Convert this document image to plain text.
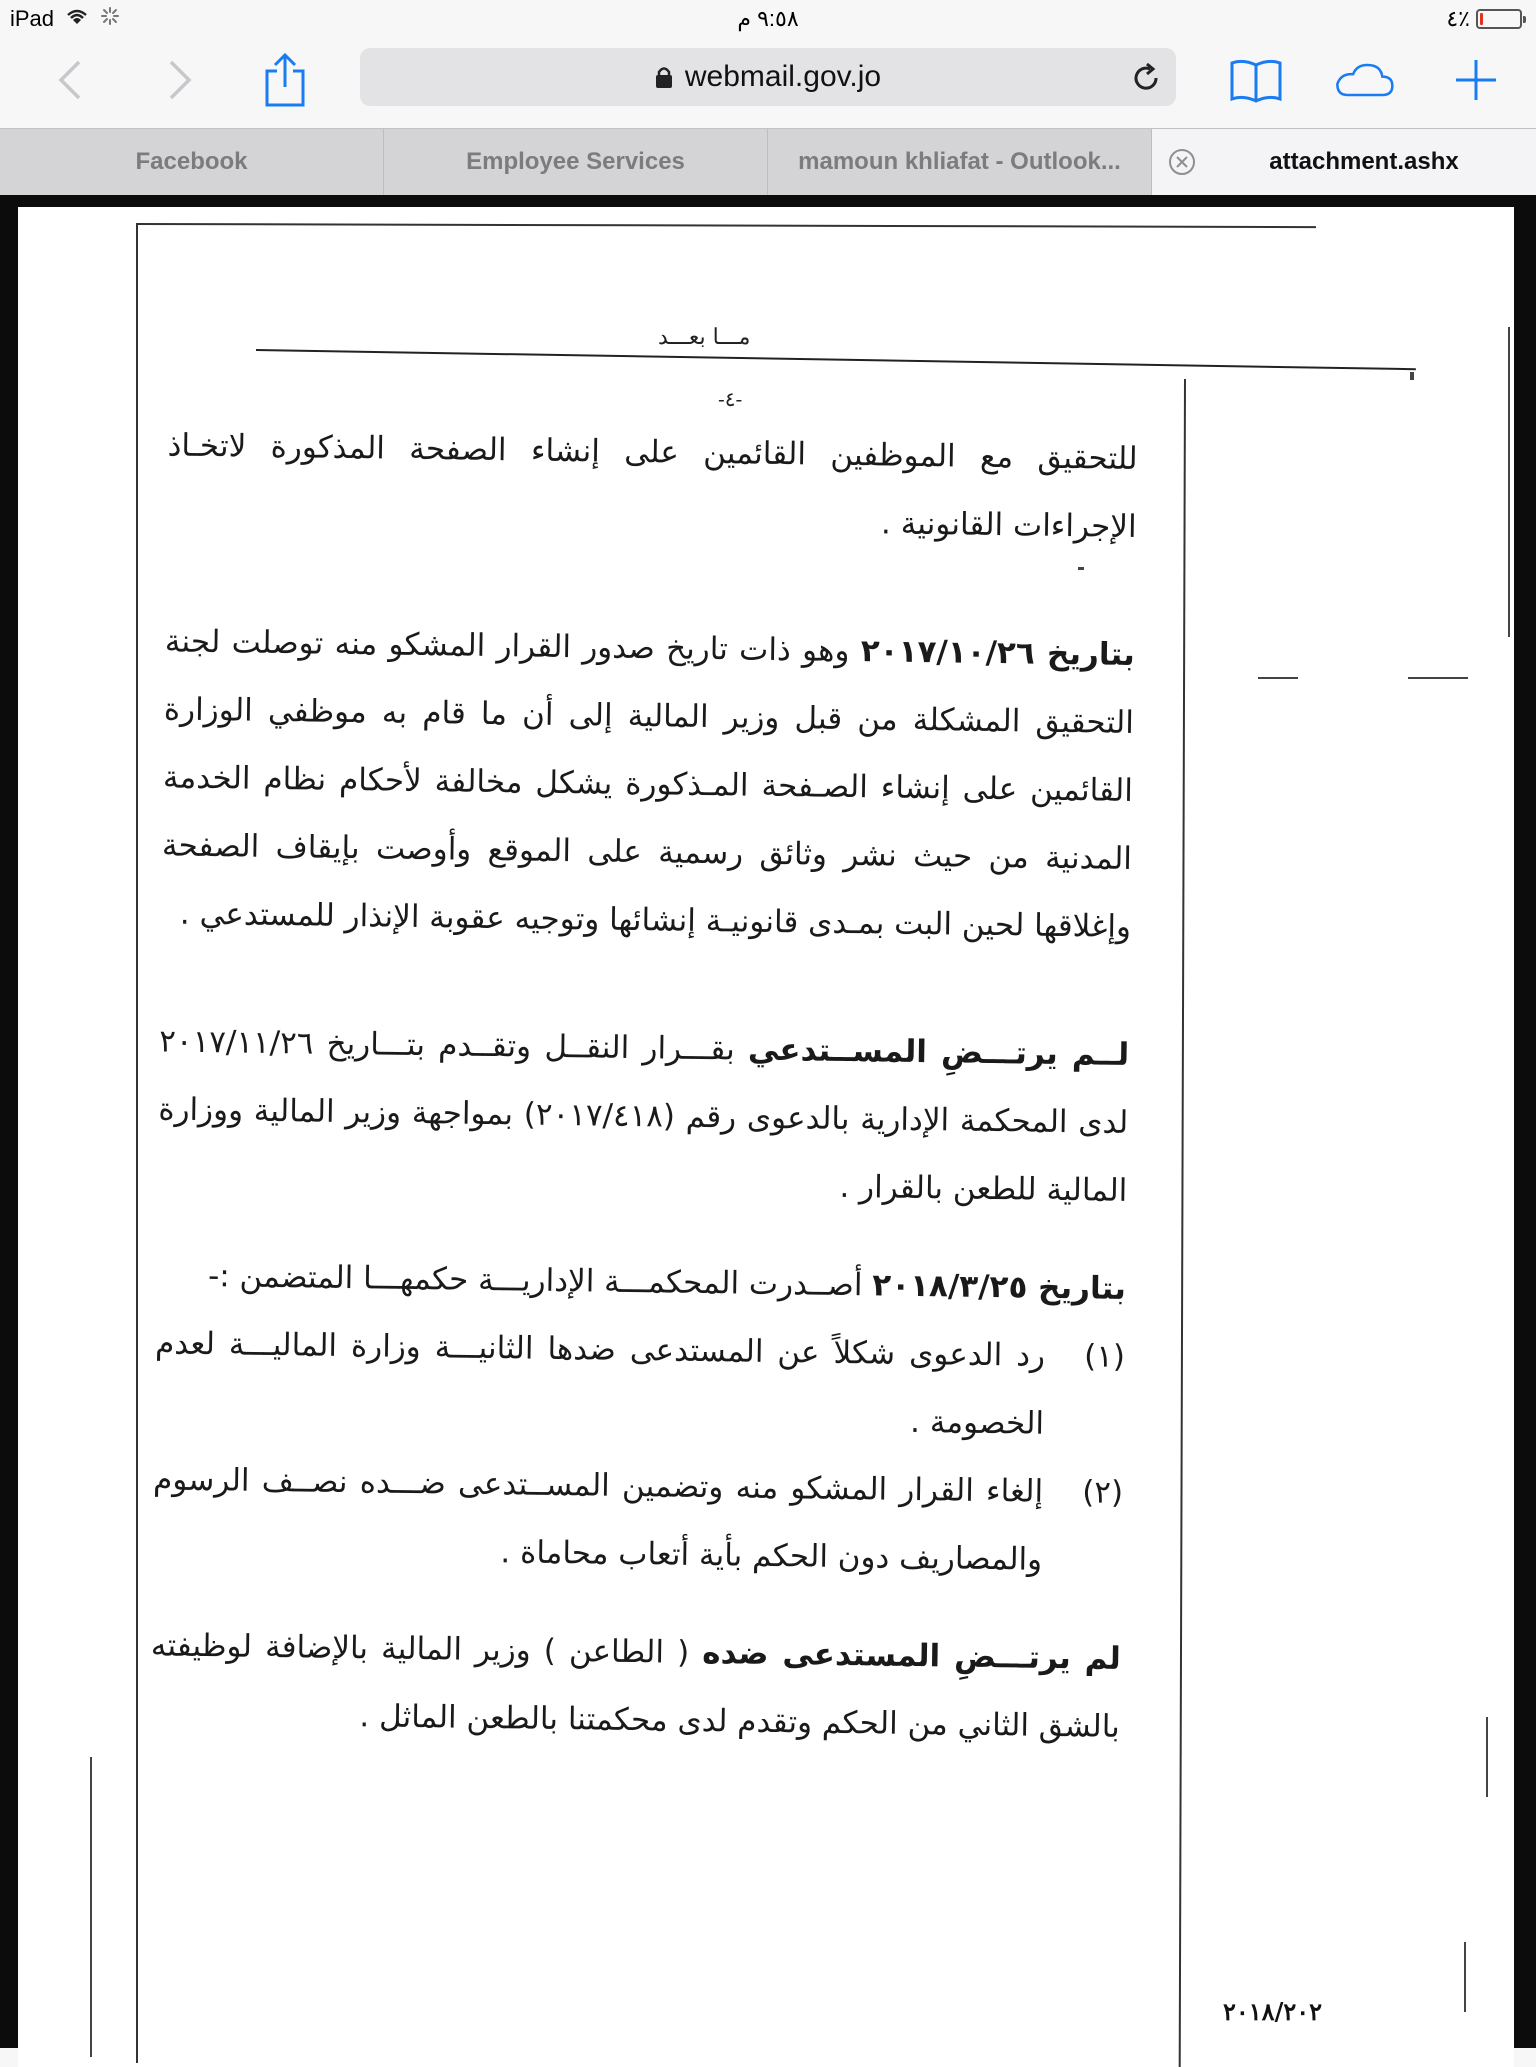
iPad	٩:٥٨ م	٤٪
webmail.gov.jo
Facebook	Employee Services	mamoun khliafat - Outlook...	attachment.ashx
مـــا بعـــد
-٤-

للتحقيق مع الموظفين القائمين على إنشاء الصفحة المذكورة لاتخـاذ الإجراءات القانونية .

بتاريخ ٢٠١٧/١٠/٢٦ وهو ذات تاريخ صدور القرار المشكو منه توصلت لجنة التحقيق المشكلة من قبل وزير المالية إلى أن ما قام به موظفي الوزارة القائمين على إنشاء الصـفحة المـذكورة يشكل مخالفة لأحكام نظام الخدمة المدنية من حيث نشر وثائق رسمية على الموقع وأوصت بإيقاف الصفحة وإغلاقها لحين البت بمـدى قانونيـة إنشائها وتوجيه عقوبة الإنذار للمستدعي .

لــم يرتـــضِ المســتدعي بقـــرار النقــل وتقــدم بتـــاريخ ٢٠١٧/١١/٢٦ لدى المحكمة الإدارية بالدعوى رقم (٢٠١٧/٤١٨) بمواجهة وزير المالية ووزارة المالية للطعن بالقرار .

بتاريخ ٢٠١٨/٣/٢٥ أصــدرت المحكمـــة الإداريـــة حكمهـــا المتضمن :-

(١)
رد الدعوى شكلاً عن المستدعى ضدها الثانيـــة وزارة الماليـــة لعدم الخصومة .
(٢)
إلغاء القرار المشكو منه وتضمين المســتدعى ضـــده نصــف الرسوم والمصاريف دون الحكم بأية أتعاب محاماة .

لم يرتـــضِ المستدعى ضده ( الطاعن ) وزير المالية بالإضافة لوظيفته بالشق الثاني من الحكم وتقدم لدى محكمتنا بالطعن الماثل .

٢٠١٨/٢٠٢
